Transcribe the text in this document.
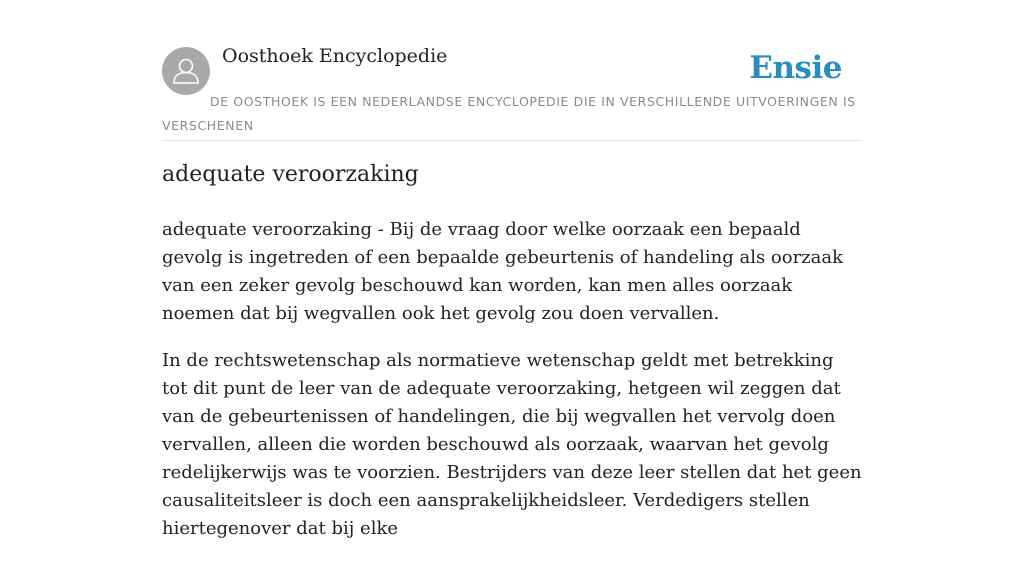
Oosthoek Encyclopedie	Ensie

DE OOSTHOEK IS EEN NEDERLANDSE ENCYCLOPEDIE DIE IN VERSCHILLENDE UITVOERINGEN IS VERSCHENEN

adequate veroorzaking

adequate veroorzaking - Bij de vraag door welke oorzaak een bepaald gevolg is ingetreden of een bepaalde gebeurtenis of handeling als oorzaak van een zeker gevolg beschouwd kan worden, kan men alles oorzaak noemen dat bij wegvallen ook het gevolg zou doen vervallen.

In de rechtswetenschap als normatieve wetenschap geldt met betrekking tot dit punt de leer van de adequate veroorzaking, hetgeen wil zeggen dat van de gebeurtenissen of handelingen, die bij wegvallen het vervolg doen vervallen, alleen die worden beschouwd als oorzaak, waarvan het gevolg redelijkerwijs was te voorzien. Bestrijders van deze leer stellen dat het geen causaliteitsleer is doch een aansprakelijkheidsleer. Verdedigers stellen hiertegenover dat bij elke
